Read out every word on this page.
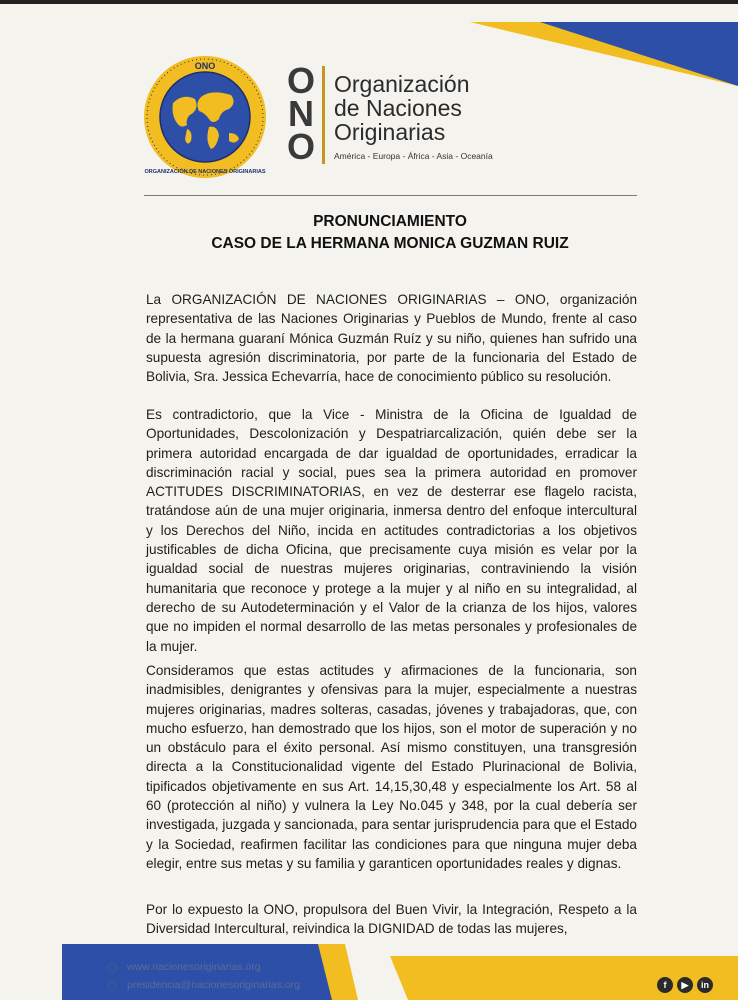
ONO
ORGANIZACIÓN DE NACIONES ORIGINARIAS
O
N
O
Organización
de Naciones
Originarias
América - Europa - África - Asia - Oceanía
PRONUNCIAMIENTO
CASO DE LA HERMANA MONICA GUZMAN RUIZ

La ORGANIZACIÓN DE NACIONES ORIGINARIAS – ONO, organización representativa de las Naciones Originarias y Pueblos de Mundo, frente al caso de la hermana guaraní Mónica Guzmán Ruíz y su niño, quienes han sufrido una supuesta agresión discriminatoria, por parte de la funcionaria del Estado de Bolivia, Sra. Jessica Echevarría, hace de conocimiento público su resolución.

Es contradictorio, que la Vice - Ministra de la Oficina de Igualdad de Oportunidades, Descolonización y Despatriarcalización, quién debe ser la primera autoridad encargada de dar igualdad de oportunidades, erradicar la discriminación racial y social, pues sea la primera autoridad en promover ACTITUDES DISCRIMINATORIAS, en vez de desterrar ese flagelo racista, tratándose aún de una mujer originaria, inmersa dentro del enfoque intercultural y los Derechos del Niño, incida en actitudes contradictorias a los objetivos justificables de dicha Oficina, que precisamente cuya misión es velar por la igualdad social de nuestras mujeres originarias, contraviniendo la visión humanitaria que reconoce y protege a la mujer y al niño en su integralidad, al derecho de su Autodeterminación y el Valor de la crianza de los hijos, valores que no impiden el normal desarrollo de las metas personales y profesionales de la mujer.

Consideramos que estas actitudes y afirmaciones de la funcionaria, son inadmisibles, denigrantes y ofensivas para la mujer, especialmente a nuestras mujeres originarias, madres solteras, casadas, jóvenes y trabajadoras, que, con mucho esfuerzo, han demostrado que los hijos, son el motor de superación y no un obstáculo para el éxito personal. Así mismo constituyen, una transgresión directa a la Constitucionalidad vigente del Estado Plurinacional de Bolivia, tipificados objetivamente en sus Art. 14,15,30,48 y especialmente los Art. 58 al 60 (protección al niño) y vulnera la Ley No.045 y 348, por la cual debería ser investigada, juzgada y sancionada, para sentar jurisprudencia para que el Estado y la Sociedad, reafirmen facilitar las condiciones para que ninguna mujer deba elegir, entre sus metas y su familia y garanticen oportunidades reales y dignas.

Por lo expuesto la ONO, propulsora del Buen Vivir, la Integración, Respeto a la Diversidad Intercultural, reivindica la DIGNIDAD de todas las mujeres,

www.nacionesoriginarias.org
presidencia@nacionesoriginarias.org	f	▶	in
